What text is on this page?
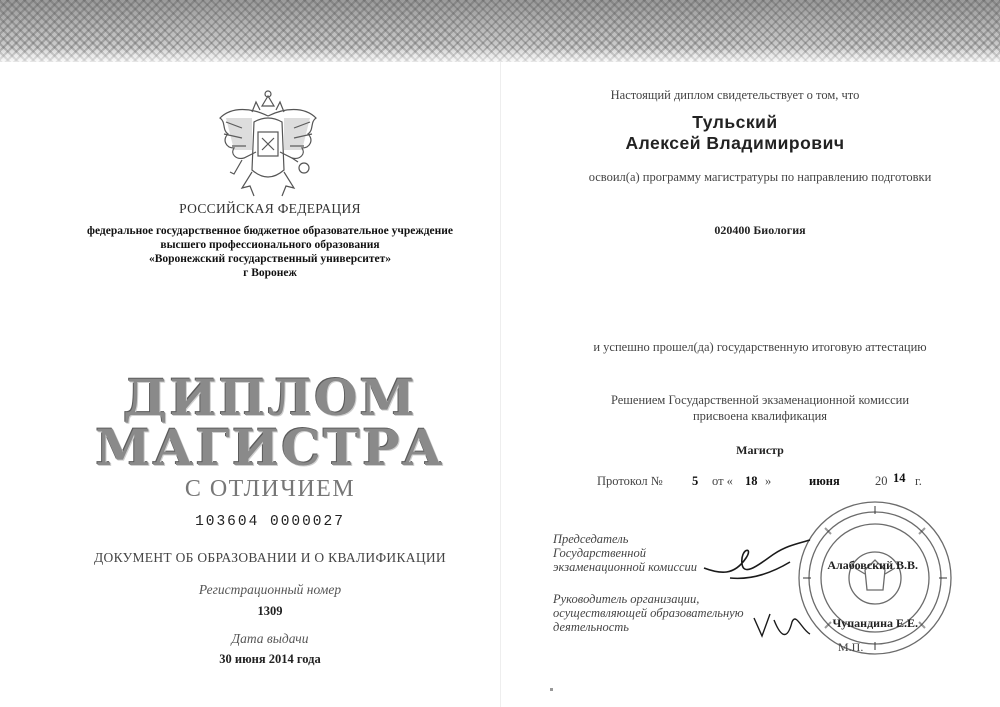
РОССИЙСКАЯ ФЕДЕРАЦИЯ
федеральное государственное бюджетное образовательное учреждение
высшего профессионального образования
«Воронежский государственный университет»
г Воронеж
ДИПЛОМ
МАГИСТРА
С ОТЛИЧИЕМ
103604 0000027
ДОКУМЕНТ ОБ ОБРАЗОВАНИИ И О КВАЛИФИКАЦИИ
Регистрационный номер
1309
Дата выдачи
30 июня 2014 года
Настоящий диплом свидетельствует о том, что
Тульский
Алексей Владимирович
освоил(а) программу магистратуры по направлению подготовки
020400 Биология
и успешно прошел(да) государственную итоговую аттестацию
Решением Государственной экзаменационной комиссии
присвоена квалификация
Магистр
Протокол № 5 от « 18 »	июня	20 14 г.
Председатель
Государственной
экзаменационной комиссии	Алабовский В.В.
Руководитель организации,
осуществляющей образовательную
деятельность	Чупандина Е.Е.
М.П.
